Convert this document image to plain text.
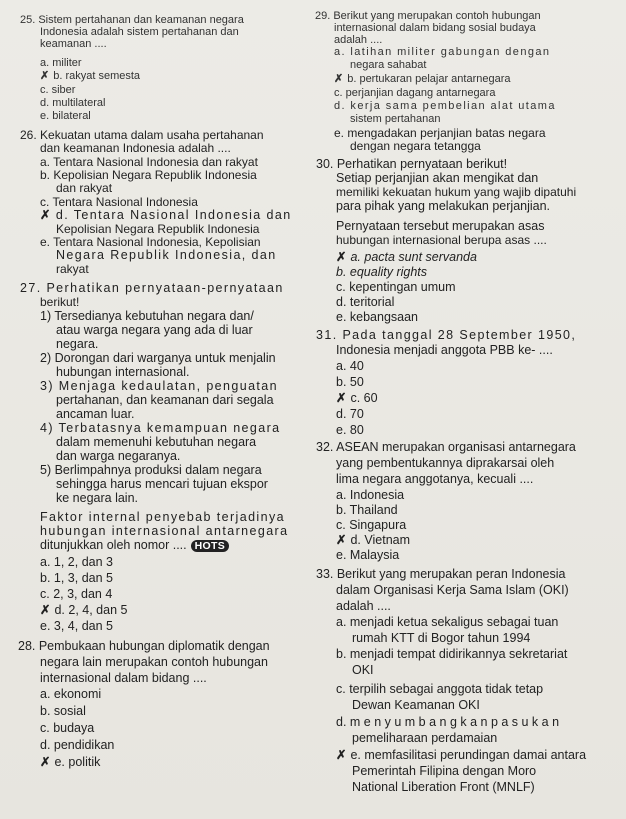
25. Sistem pertahanan dan keamanan negara
Indonesia adalah sistem pertahanan dan
keamanan ....
a. militer
✗ b. rakyat semesta
c. siber
d. multilateral
e. bilateral
26. Kekuatan utama dalam usaha pertahanan
dan keamanan Indonesia adalah ....
a. Tentara Nasional Indonesia dan rakyat
b. Kepolisian Negara Republik Indonesia
dan rakyat
c. Tentara Nasional Indonesia
✗ d. Tentara Nasional Indonesia dan
Kepolisian Negara Republik Indonesia
e. Tentara Nasional Indonesia, Kepolisian
Negara Republik Indonesia, dan
rakyat
27. Perhatikan pernyataan-pernyataan
berikut!
1) Tersedianya kebutuhan negara dan/
atau warga negara yang ada di luar
negara.
2) Dorongan dari warganya untuk menjalin
hubungan internasional.
3) Menjaga kedaulatan, penguatan
pertahanan, dan keamanan dari segala
ancaman luar.
4) Terbatasnya kemampuan negara
dalam memenuhi kebutuhan negara
dan warga negaranya.
5) Berlimpahnya produksi dalam negara
sehingga harus mencari tujuan ekspor
ke negara lain.
Faktor internal penyebab terjadinya
hubungan internasional antarnegara
ditunjukkan oleh nomor .... HOTS
a. 1, 2, dan 3
b. 1, 3, dan 5
c. 2, 3, dan 4
✗ d. 2, 4, dan 5
e. 3, 4, dan 5
28. Pembukaan hubungan diplomatik dengan
negara lain merupakan contoh hubungan
internasional dalam bidang ....
a. ekonomi
b. sosial
c. budaya
d. pendidikan
✗ e. politik
29. Berikut yang merupakan contoh hubungan
internasional dalam bidang sosial budaya
adalah ....
a. latihan militer gabungan dengan
negara sahabat
✗ b. pertukaran pelajar antarnegara
c. perjanjian dagang antarnegara
d. kerja sama pembelian alat utama
sistem pertahanan
e. mengadakan perjanjian batas negara
dengan negara tetangga
30. Perhatikan pernyataan berikut!
Setiap perjanjian akan mengikat dan
memiliki kekuatan hukum yang wajib dipatuhi
para pihak yang melakukan perjanjian.
Pernyataan tersebut merupakan asas
hubungan internasional berupa asas ....
✗ a. pacta sunt servanda
b. equality rights
c. kepentingan umum
d. teritorial
e. kebangsaan
31. Pada tanggal 28 September 1950,
Indonesia menjadi anggota PBB ke- ....
a. 40
b. 50
✗ c. 60
d. 70
e. 80
32. ASEAN merupakan organisasi antarnegara
yang pembentukannya diprakarsai oleh
lima negara anggotanya, kecuali ....
a. Indonesia
b. Thailand
c. Singapura
✗ d. Vietnam
e. Malaysia
33. Berikut yang merupakan peran Indonesia
dalam Organisasi Kerja Sama Islam (OKI)
adalah ....
a. menjadi ketua sekaligus sebagai tuan
rumah KTT di Bogor tahun 1994
b. menjadi tempat didirikannya sekretariat
OKI
c. terpilih sebagai anggota tidak tetap
Dewan Keamanan OKI
d. m e n y u m b a n g k a n p a s u k a n
pemeliharaan perdamaian
✗ e. memfasilitasi perundingan damai antara
Pemerintah Filipina dengan Moro
National Liberation Front (MNLF)
